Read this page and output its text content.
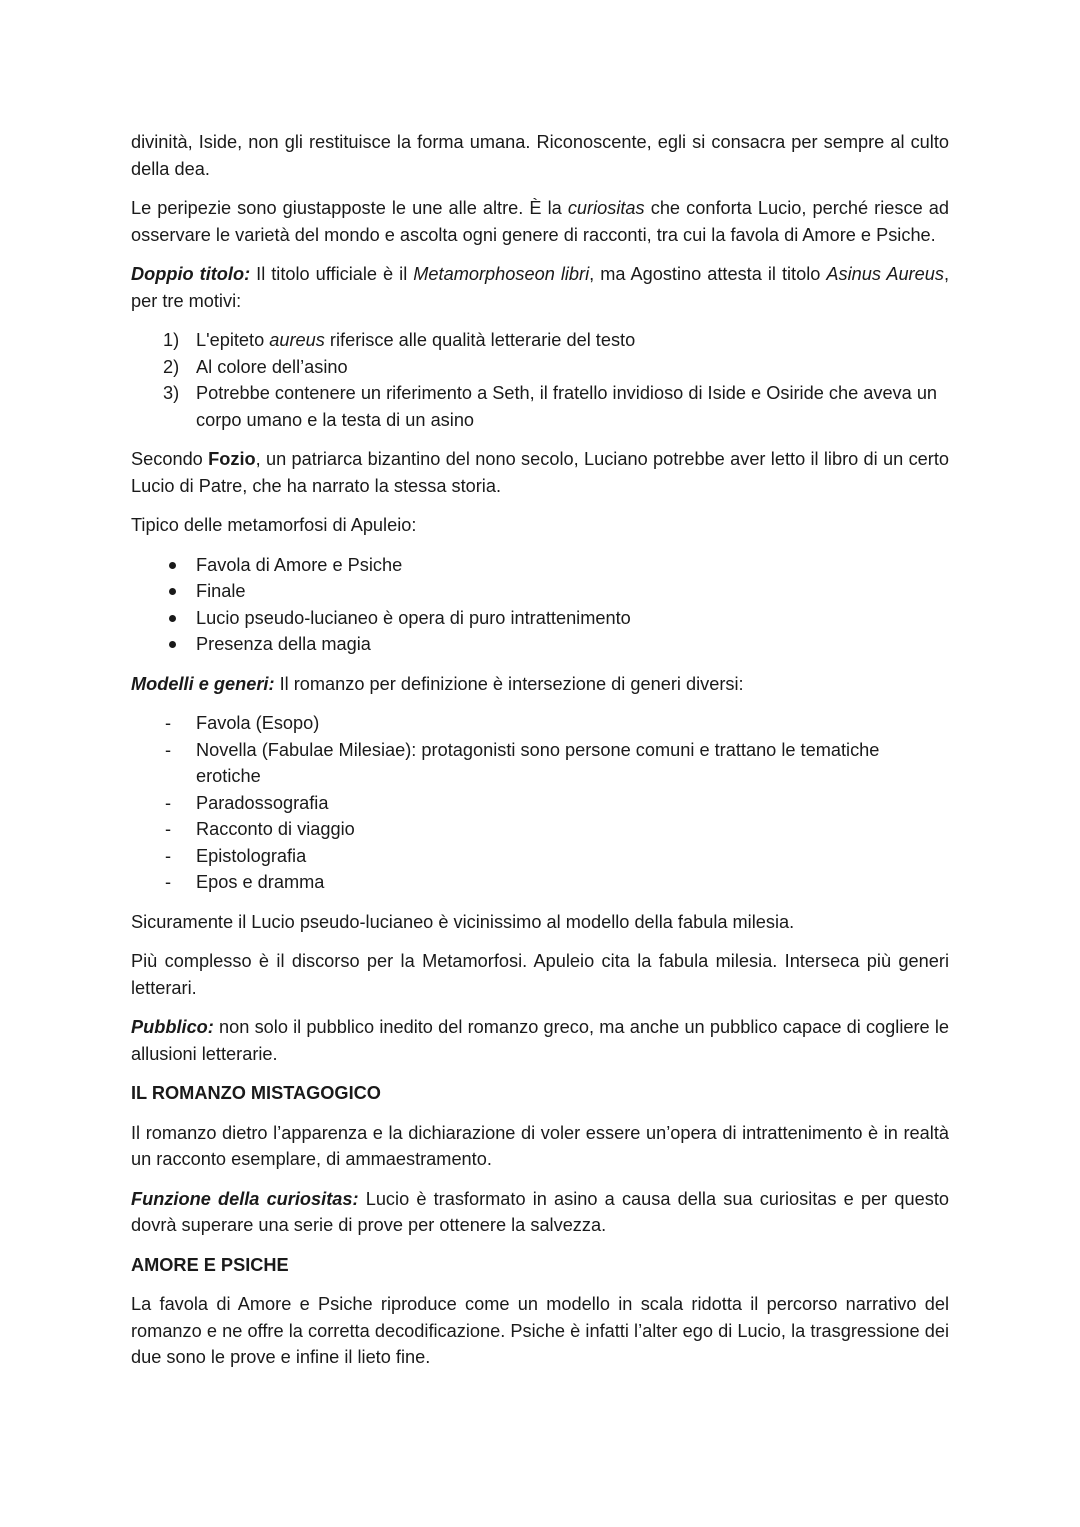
divinità, Iside, non gli restituisce la forma umana. Riconoscente, egli si consacra per sempre al culto della dea.

Le peripezie sono giustapposte le une alle altre. È la curiositas che conforta Lucio, perché riesce ad osservare le varietà del mondo e ascolta ogni genere di racconti, tra cui la favola di Amore e Psiche.

Doppio titolo: Il titolo ufficiale è il Metamorphoseon libri, ma Agostino attesta il titolo Asinus Aureus, per tre motivi:

1) L'epiteto aureus riferisce alle qualità letterarie del testo
2) Al colore dell’asino
3) Potrebbe contenere un riferimento a Seth, il fratello invidioso di Iside e Osiride che aveva un corpo umano e la testa di un asino

Secondo Fozio, un patriarca bizantino del nono secolo, Luciano potrebbe aver letto il libro di un certo Lucio di Patre, che ha narrato la stessa storia.

Tipico delle metamorfosi di Apuleio:

Favola di Amore e Psiche
Finale
Lucio pseudo-lucianeo è opera di puro intrattenimento
Presenza della magia

Modelli e generi: Il romanzo per definizione è intersezione di generi diversi:

- Favola (Esopo)
- Novella (Fabulae Milesiae): protagonisti sono persone comuni e trattano le tematiche erotiche
- Paradossografia
- Racconto di viaggio
- Epistolografia
- Epos e dramma

Sicuramente il Lucio pseudo-lucianeo è vicinissimo al modello della fabula milesia.

Più complesso è il discorso per la Metamorfosi. Apuleio cita la fabula milesia. Interseca più generi letterari.

Pubblico: non solo il pubblico inedito del romanzo greco, ma anche un pubblico capace di cogliere le allusioni letterarie.

IL ROMANZO MISTAGOGICO

Il romanzo dietro l’apparenza e la dichiarazione di voler essere un’opera di intrattenimento è in realtà un racconto esemplare, di ammaestramento.

Funzione della curiositas: Lucio è trasformato in asino a causa della sua curiositas e per questo dovrà superare una serie di prove per ottenere la salvezza.

AMORE E PSICHE

La favola di Amore e Psiche riproduce come un modello in scala ridotta il percorso narrativo del romanzo e ne offre la corretta decodificazione. Psiche è infatti l’alter ego di Lucio, la trasgressione dei due sono le prove e infine il lieto fine.
